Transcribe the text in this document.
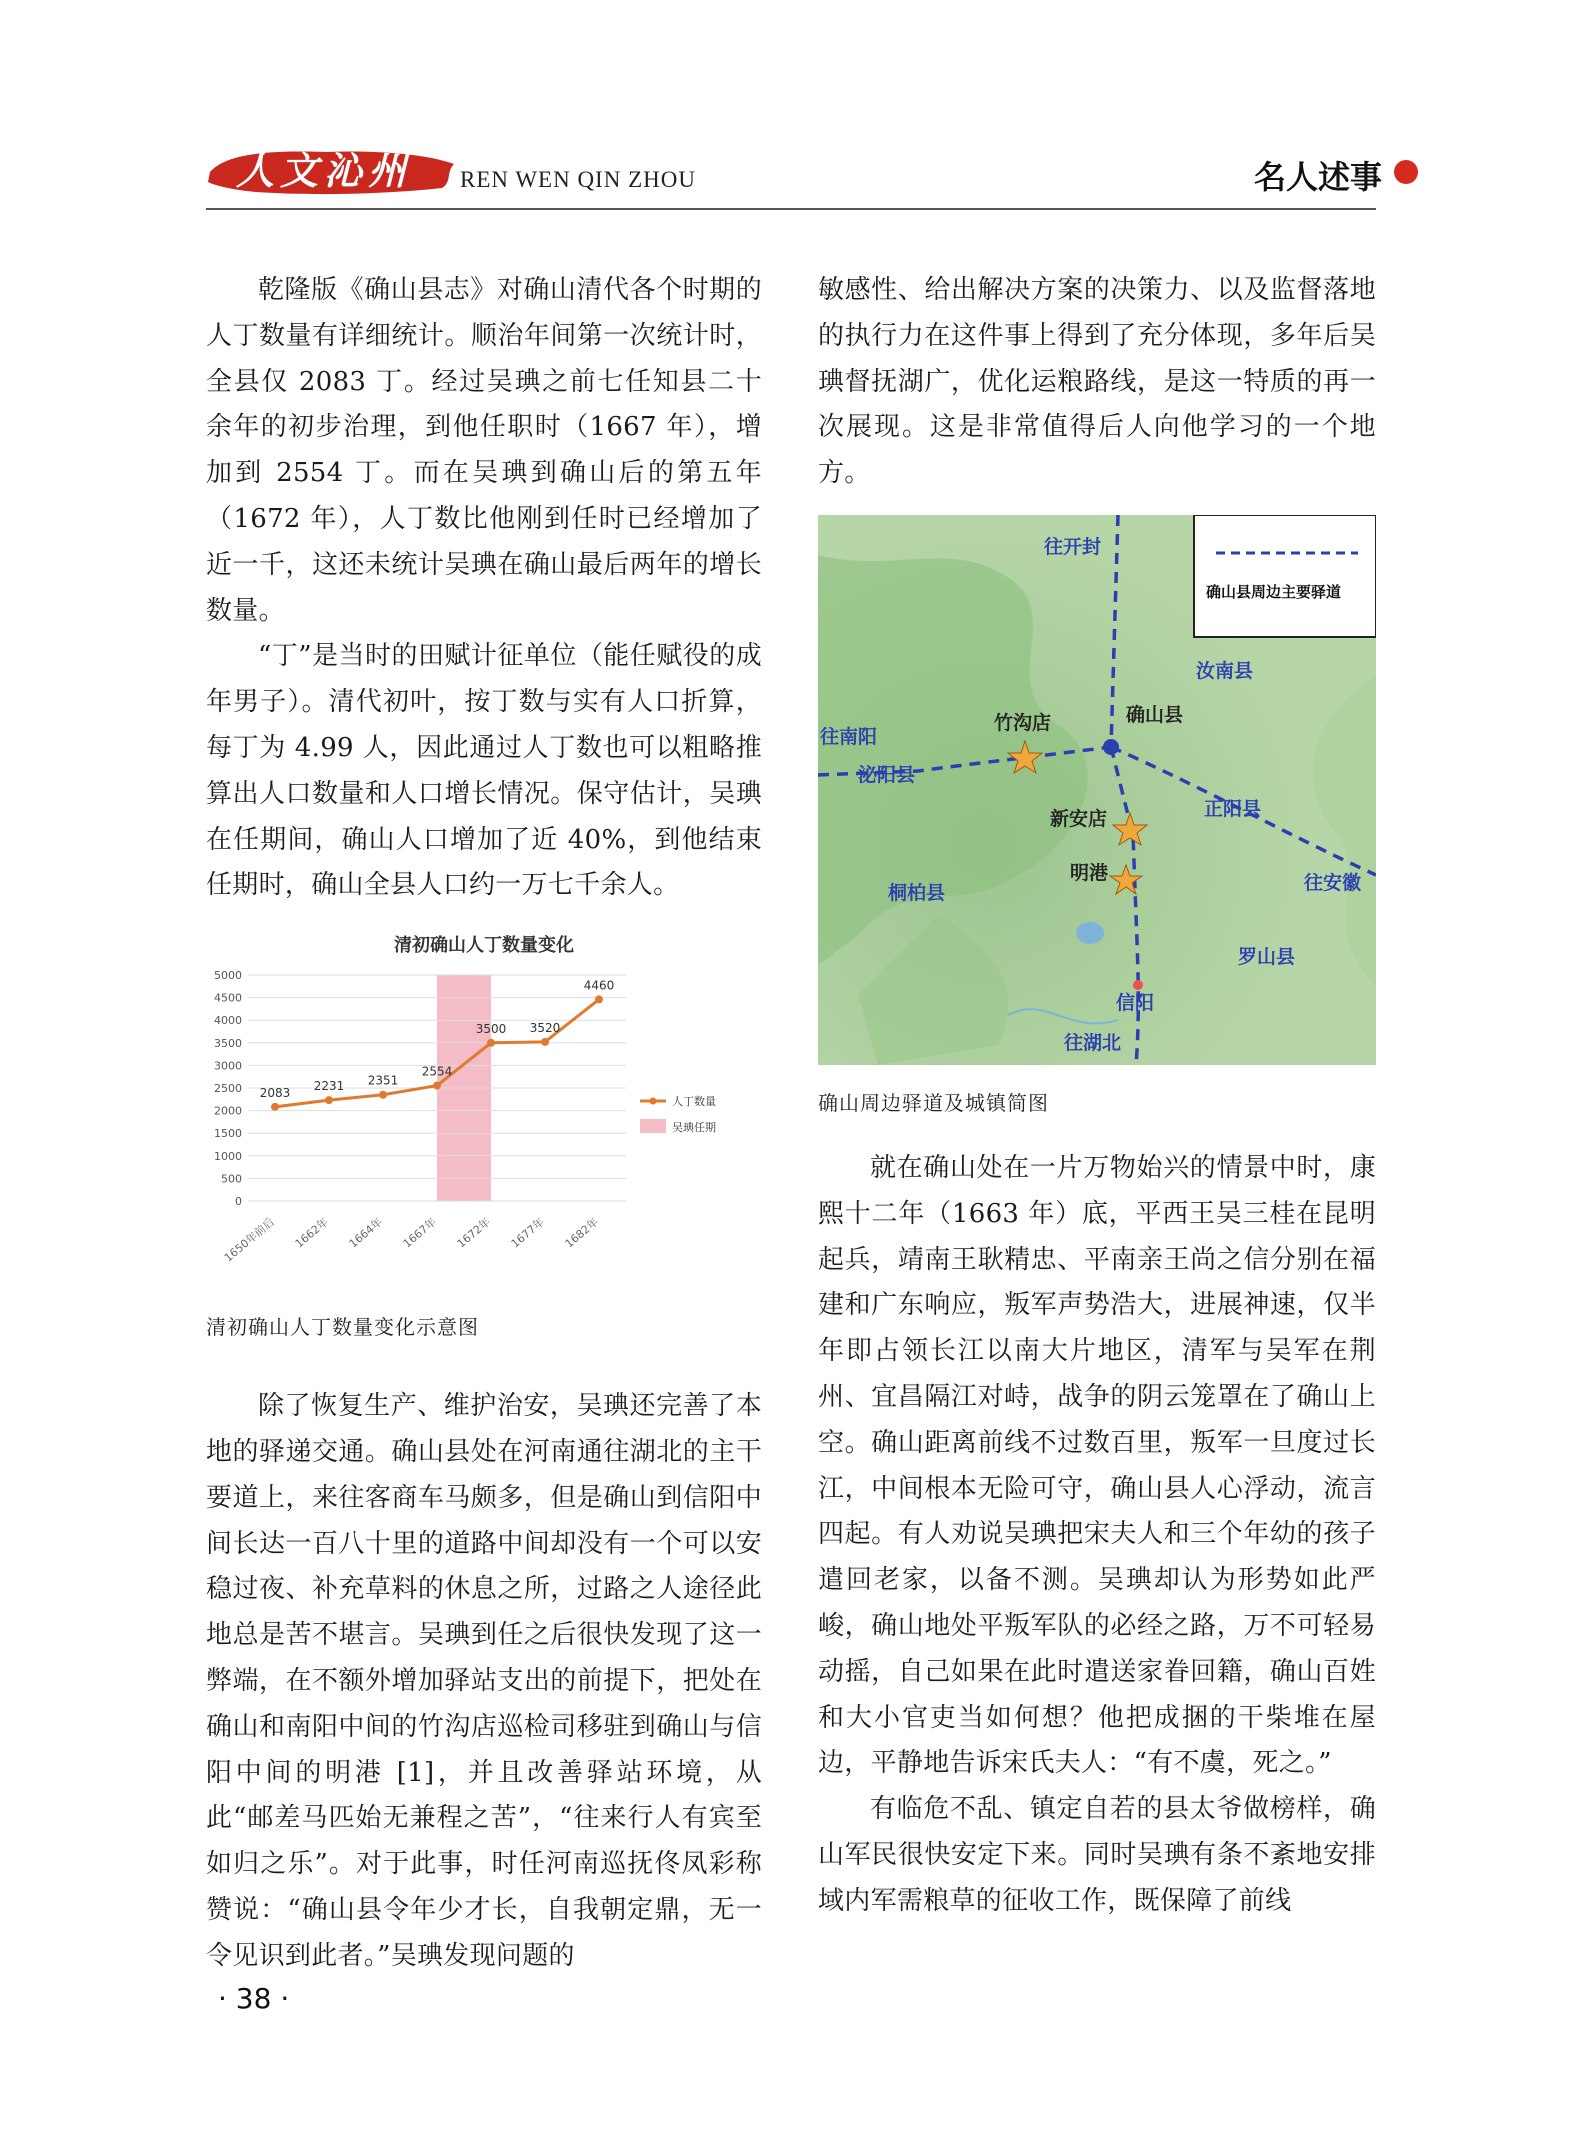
人文沁州 REN WEN QIN ZHOU	名人述事

乾隆版《确山县志》对确山清代各个时期的人丁数量有详细统计。顺治年间第一次统计时，全县仅 2083 丁。经过吴琠之前七任知县二十余年的初步治理，到他任职时（1667 年），增加到 2554 丁。而在吴琠到确山后的第五年（1672 年），人丁数比他刚到任时已经增加了近一千，这还未统计吴琠在确山最后两年的增长数量。

“丁”是当时的田赋计征单位（能任赋役的成年男子）。清代初叶，按丁数与实有人口折算，每丁为 4.99 人，因此通过人丁数也可以粗略推算出人口数量和人口增长情况。保守估计，吴琠在任期间，确山人口增加了近 40%，到他结束任期时，确山全县人口约一万七千余人。

清初确山人丁数量变化
0
500
1000
1500
2000
2500
3000
3500
4000
4500
5000
1650年前后 1662年 1664年 1667年 1672年 1677年 1682年
2083 2231 2351
2554
3500 3520
4460
人丁数量
吴琠任期
清初确山人丁数量变化示意图

除了恢复生产、维护治安，吴琠还完善了本地的驿递交通。确山县处在河南通往湖北的主干要道上，来往客商车马颇多，但是确山到信阳中间长达一百八十里的道路中间却没有一个可以安稳过夜、补充草料的休息之所，过路之人途径此地总是苦不堪言。吴琠到任之后很快发现了这一弊端，在不额外增加驿站支出的前提下，把处在确山和南阳中间的竹沟店巡检司移驻到确山与信阳中间的明港 [1]，并且改善驿站环境，从此“邮差马匹始无兼程之苦”，“往来行人有宾至如归之乐”。对于此事，时任河南巡抚佟凤彩称赞说：“确山县令年少才长，自我朝定鼎，无一令见识到此者。”吴琠发现问题的

敏感性、给出解决方案的决策力、以及监督落地的执行力在这件事上得到了充分体现，多年后吴琠督抚湖广，优化运粮路线，是这一特质的再一次展现。这是非常值得后人向他学习的一个地方。

确山县周边主要驿道
往开封
汝南县
往南阳
竹沟店	确山县
泌阳县
新安店	正阳县
明港
桐柏县	往安徽
罗山县
信阳
往湖北
确山周边驿道及城镇简图

就在确山处在一片万物始兴的情景中时，康熙十二年（1663 年）底，平西王吴三桂在昆明起兵，靖南王耿精忠、平南亲王尚之信分别在福建和广东响应，叛军声势浩大，进展神速，仅半年即占领长江以南大片地区，清军与吴军在荆州、宜昌隔江对峙，战争的阴云笼罩在了确山上空。确山距离前线不过数百里，叛军一旦度过长江，中间根本无险可守，确山县人心浮动，流言四起。有人劝说吴琠把宋夫人和三个年幼的孩子遣回老家，以备不测。吴琠却认为形势如此严峻，确山地处平叛军队的必经之路，万不可轻易动摇，自己如果在此时遣送家眷回籍，确山百姓和大小官吏当如何想？他把成捆的干柴堆在屋边，平静地告诉宋氏夫人：“有不虞，死之。”

有临危不乱、镇定自若的县太爷做榜样，确山军民很快安定下来。同时吴琠有条不紊地安排域内军需粮草的征收工作，既保障了前线

· 38 ·
